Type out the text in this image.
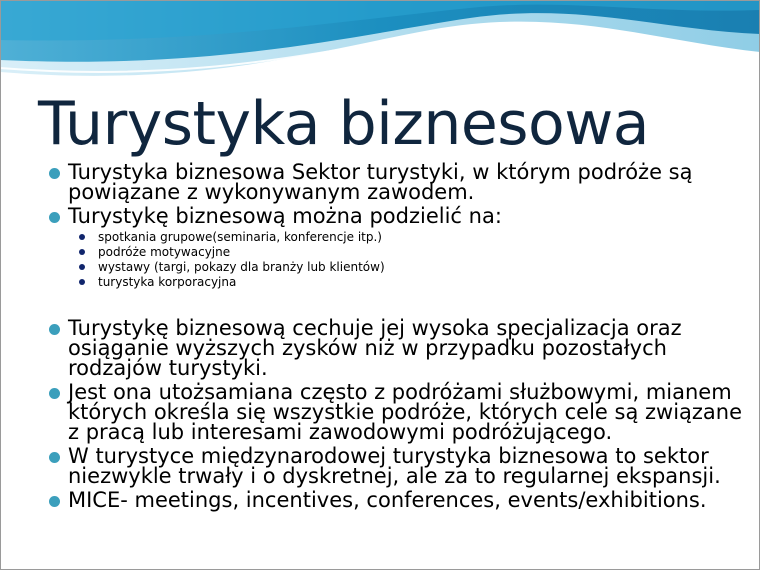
Turystyka biznesowa
Turystyka biznesowa Sektor turystyki, w którym podróże są powiązane z wykonywanym zawodem.
Turystykę biznesową można podzielić na:
spotkania grupowe(seminaria, konferencje itp.)
podróże motywacyjne
wystawy (targi, pokazy dla branży lub klientów)
turystyka korporacyjna
Turystykę biznesową cechuje jej wysoka specjalizacja oraz osiąganie wyższych zysków niż w przypadku pozostałych rodzajów turystyki.
Jest ona utożsamiana często z podróżami służbowymi, mianem których określa się wszystkie podróże, których cele są związane z pracą lub interesami zawodowymi podróżującego.
W turystyce międzynarodowej turystyka biznesowa to sektor niezwykle trwały i o dyskretnej, ale za to regularnej ekspansji.
MICE- meetings, incentives, conferences, events/exhibitions.
